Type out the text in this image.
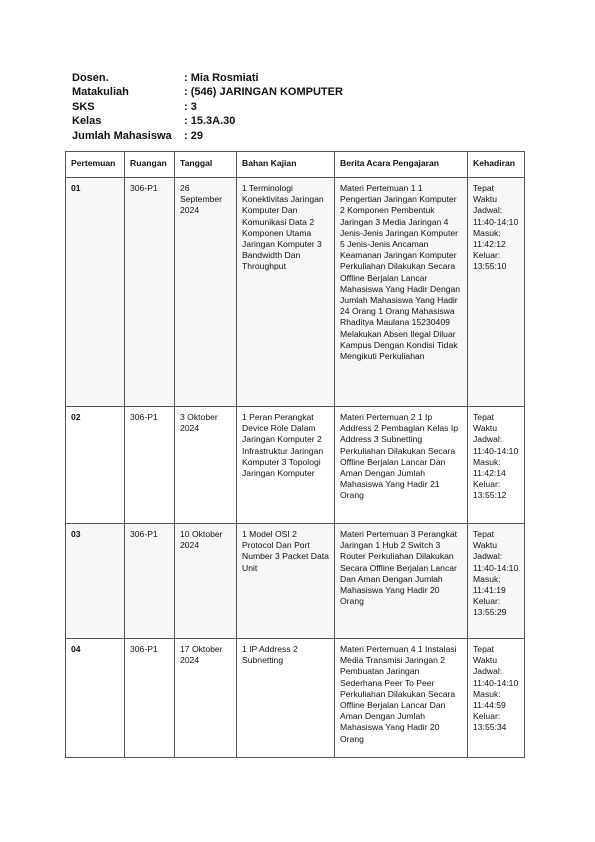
Dosen.	: Mia Rosmiati
Matakuliah	: (546) JARINGAN KOMPUTER
SKS	: 3
Kelas	: 15.3A.30
Jumlah Mahasiswa	: 29
Pertemuan	Ruangan	Tanggal	Bahan Kajian	Berita Acara Pengajaran	Kehadiran
01	306-P1	26 September 2024	1 Terminologi Konektivitas Jaringan Komputer Dan Komunikasi Data 2 Komponen Utama Jaringan Komputer 3 Bandwidth Dan Throughput	Materi Pertemuan 1 1 Pengertian Jaringan Komputer 2 Komponen Pembentuk Jaringan 3 Media Jaringan 4 Jenis-Jenis Jaringan Komputer 5 Jenis-Jenis Ancaman Keamanan Jaringan Komputer Perkuliahan Dilakukan Secara Offline Berjalan Lancar Mahasiswa Yang Hadir Dengan Jumlah Mahasiswa Yang Hadir 24 Orang 1 Orang Mahasiswa Rhaditya Maulana 15230409 Melakukan Absen Ilegal Diluar Kampus Dengan Kondisi Tidak Mengikuti Perkuliahan	Tepat Waktu Jadwal: 11:40-14:10 Masuk: 11:42:12 Keluar: 13:55:10
02	306-P1	3 Oktober 2024	1 Peran Perangkat Device Role Dalam Jaringan Komputer 2 Infrastruktur Jaringan Komputer 3 Topologi Jaringan Komputer	Materi Pertemuan 2 1 Ip Address 2 Pembagian Kelas Ip Address 3 Subnetting Perkuliahan Dilakukan Secara Offline Berjalan Lancar Dan Aman Dengan Jumlah Mahasiswa Yang Hadir 21 Orang	Tepat Waktu Jadwal: 11:40-14:10 Masuk: 11:42:14 Keluar: 13:55:12
03	306-P1	10 Oktober 2024	1 Model OSI 2 Protocol Dan Port Number 3 Packet Data Unit	Materi Pertemuan 3 Perangkat Jaringan 1 Hub 2 Switch 3 Router Perkuliahan Dilakukan Secara Offline Berjalan Lancar Dan Aman Dengan Jumlah Mahasiswa Yang Hadir 20 Orang	Tepat Waktu Jadwal: 11:40-14:10 Masuk: 11:41:19 Keluar: 13:55:29
04	306-P1	17 Oktober 2024	1 IP Address 2 Subnetting	Materi Pertemuan 4 1 Instalasi Media Transmisi Jaringan 2 Pembuatan Jaringan Sederhana Peer To Peer Perkuliahan Dilakukan Secara Offline Berjalan Lancar Dan Aman Dengan Jumlah Mahasiswa Yang Hadir 20 Orang	Tepat Waktu Jadwal: 11:40-14:10 Masuk: 11:44:59 Keluar: 13:55:34
